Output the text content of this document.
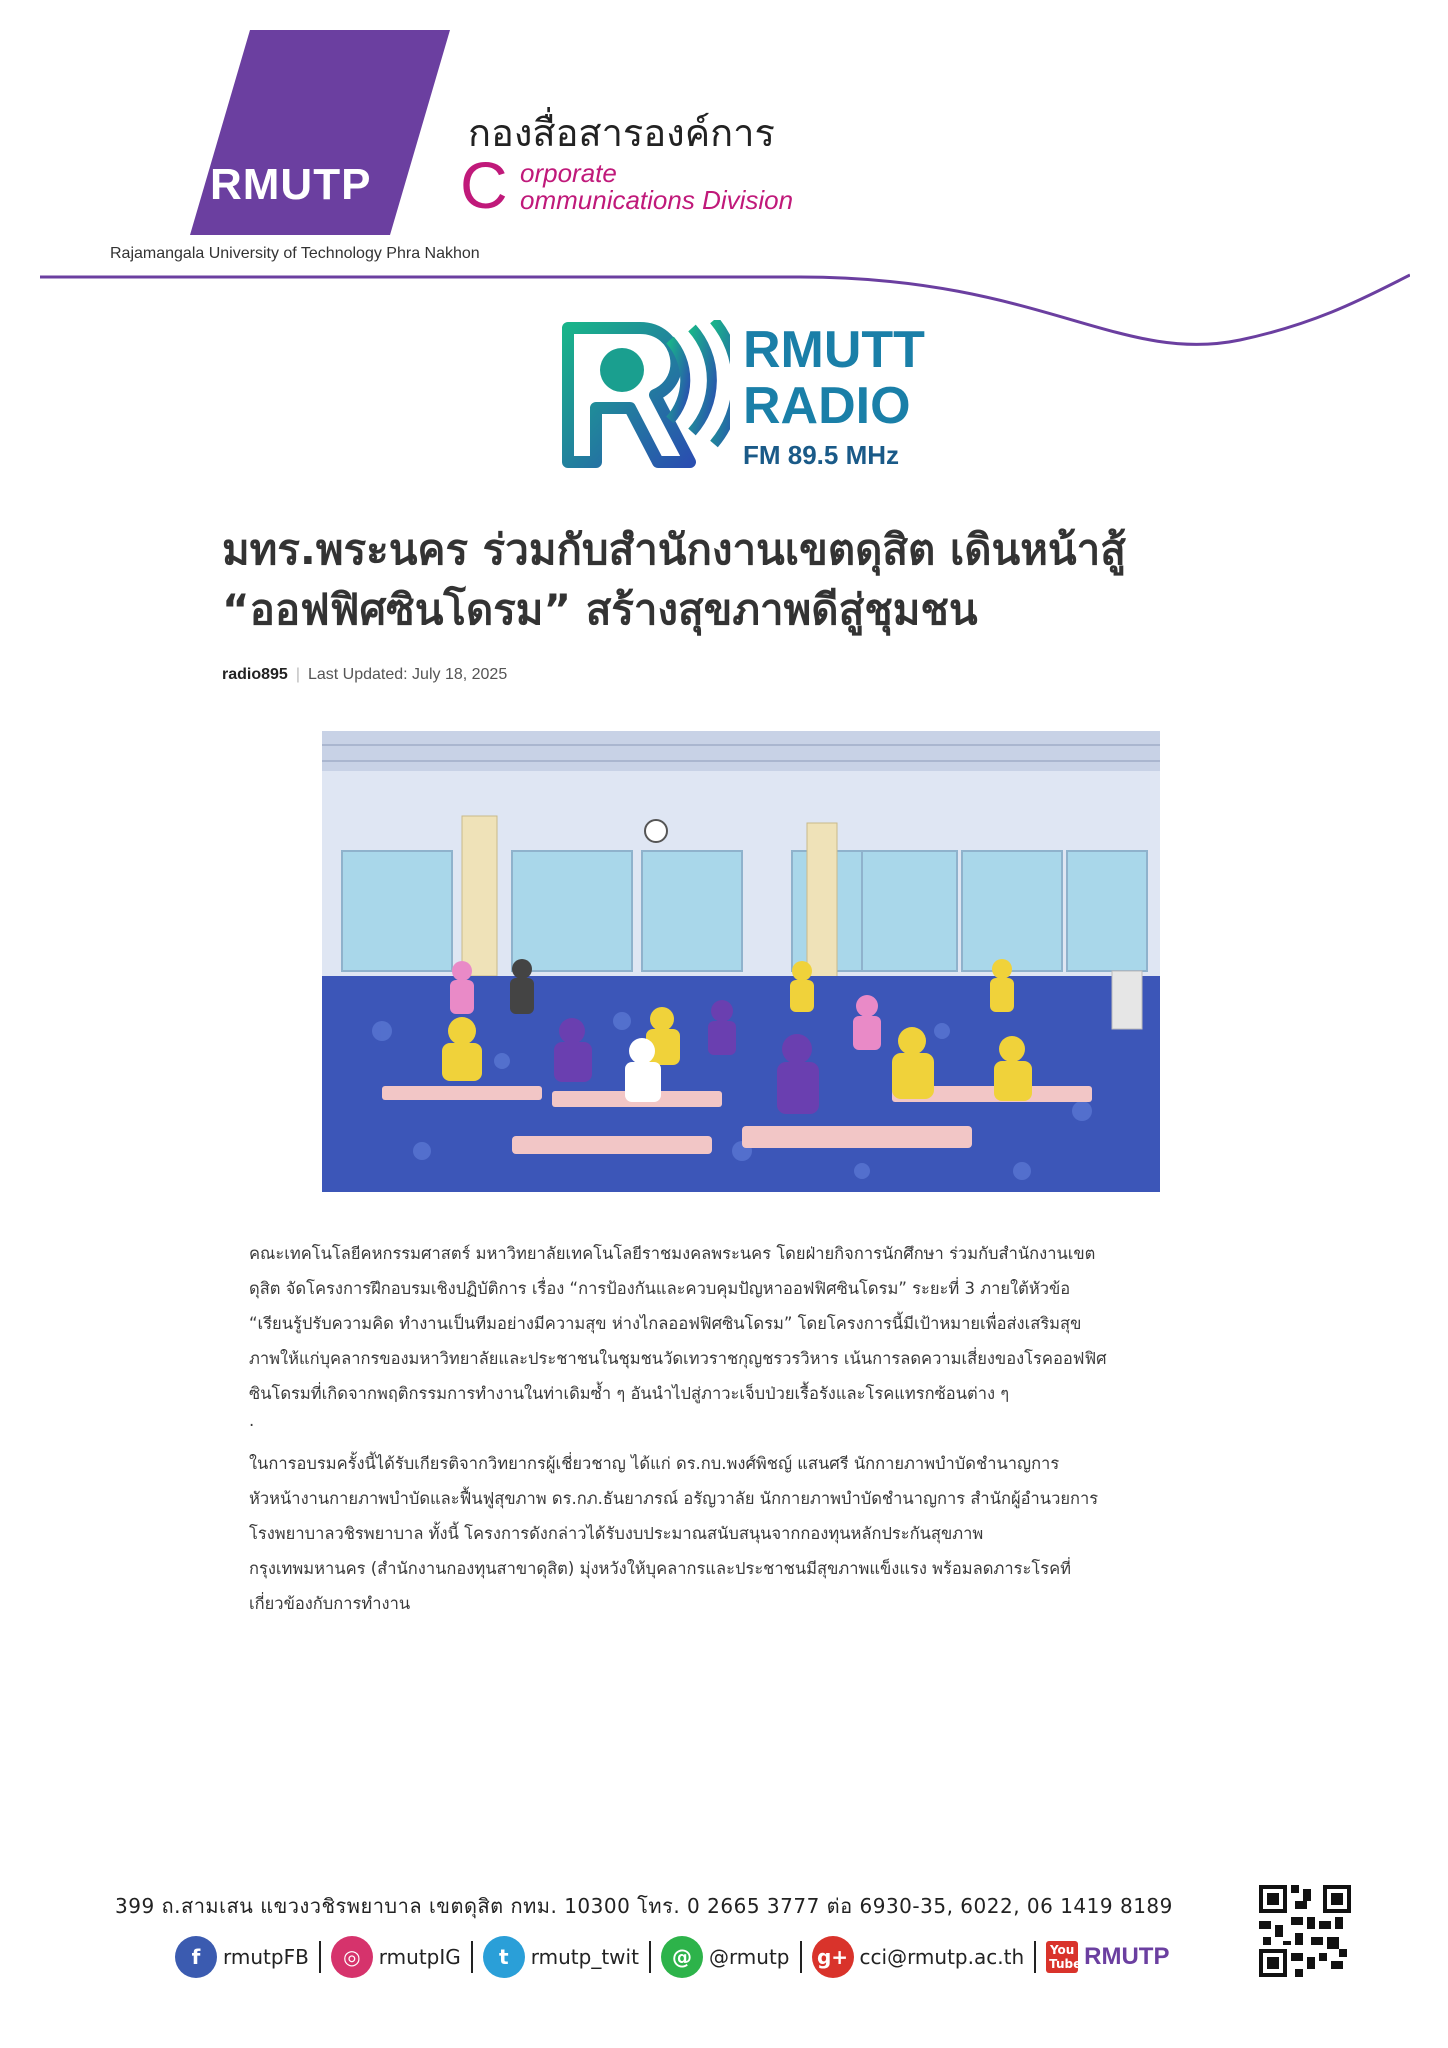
RMUTP
Rajamangala University of Technology Phra Nakhon
กองสื่อสารองค์การ
C orporate
ommunications Division
RMUTT
RADIO
FM 89.5 MHz
มทร.พระนคร ร่วมกับสำนักงานเขตดุสิต เดินหน้าสู้
“ออฟฟิศซินโดรม” สร้างสุขภาพดีสู่ชุมชน
radio895 | Last Updated: July 18, 2025

คณะเทคโนโลยีคหกรรมศาสตร์ มหาวิทยาลัยเทคโนโลยีราชมงคลพระนคร โดยฝ่ายกิจการนักศึกษา ร่วมกับสำนักงานเขต

ดุสิต จัดโครงการฝึกอบรมเชิงปฏิบัติการ เรื่อง “การป้องกันและควบคุมปัญหาออฟฟิศซินโดรม” ระยะที่ 3 ภายใต้หัวข้อ

“เรียนรู้ปรับความคิด ทำงานเป็นทีมอย่างมีความสุข ห่างไกลออฟฟิศซินโดรม” โดยโครงการนี้มีเป้าหมายเพื่อส่งเสริมสุข

ภาพให้แก่บุคลากรของมหาวิทยาลัยและประชาชนในชุมชนวัดเทวราชกุญชรวรวิหาร เน้นการลดความเสี่ยงของโรคออฟฟิศ

ซินโดรมที่เกิดจากพฤติกรรมการทำงานในท่าเดิมซ้ำ ๆ อันนำไปสู่ภาวะเจ็บป่วยเรื้อรังและโรคแทรกซ้อนต่าง ๆ

.

ในการอบรมครั้งนี้ได้รับเกียรติจากวิทยากรผู้เชี่ยวชาญ ได้แก่ ดร.กบ.พงศ์พิชญ์ แสนศรี นักกายภาพบำบัดชำนาญการ

หัวหน้างานกายภาพบำบัดและฟื้นฟูสุขภาพ ดร.กภ.ธันยาภรณ์ อรัญวาลัย นักกายภาพบำบัดชำนาญการ สำนักผู้อำนวยการ

โรงพยาบาลวชิรพยาบาล ทั้งนี้ โครงการดังกล่าวได้รับงบประมาณสนับสนุนจากกองทุนหลักประกันสุขภาพ

กรุงเทพมหานคร (สำนักงานกองทุนสาขาดุสิต) มุ่งหวังให้บุคลากรและประชาชนมีสุขภาพแข็งแรง พร้อมลดภาระโรคที่

เกี่ยวข้องกับการทำงาน

399 ถ.สามเสน แขวงวชิรพยาบาล เขตดุสิต กทม. 10300 โทร. 0 2665 3777 ต่อ 6930-35, 6022, 06 1419 8189
f	rmutpFB	◎ rmutpIG	t	rmutp_twit	@ @rmutp g+ cci@rmutp.ac.th	You Tube RMUTP
